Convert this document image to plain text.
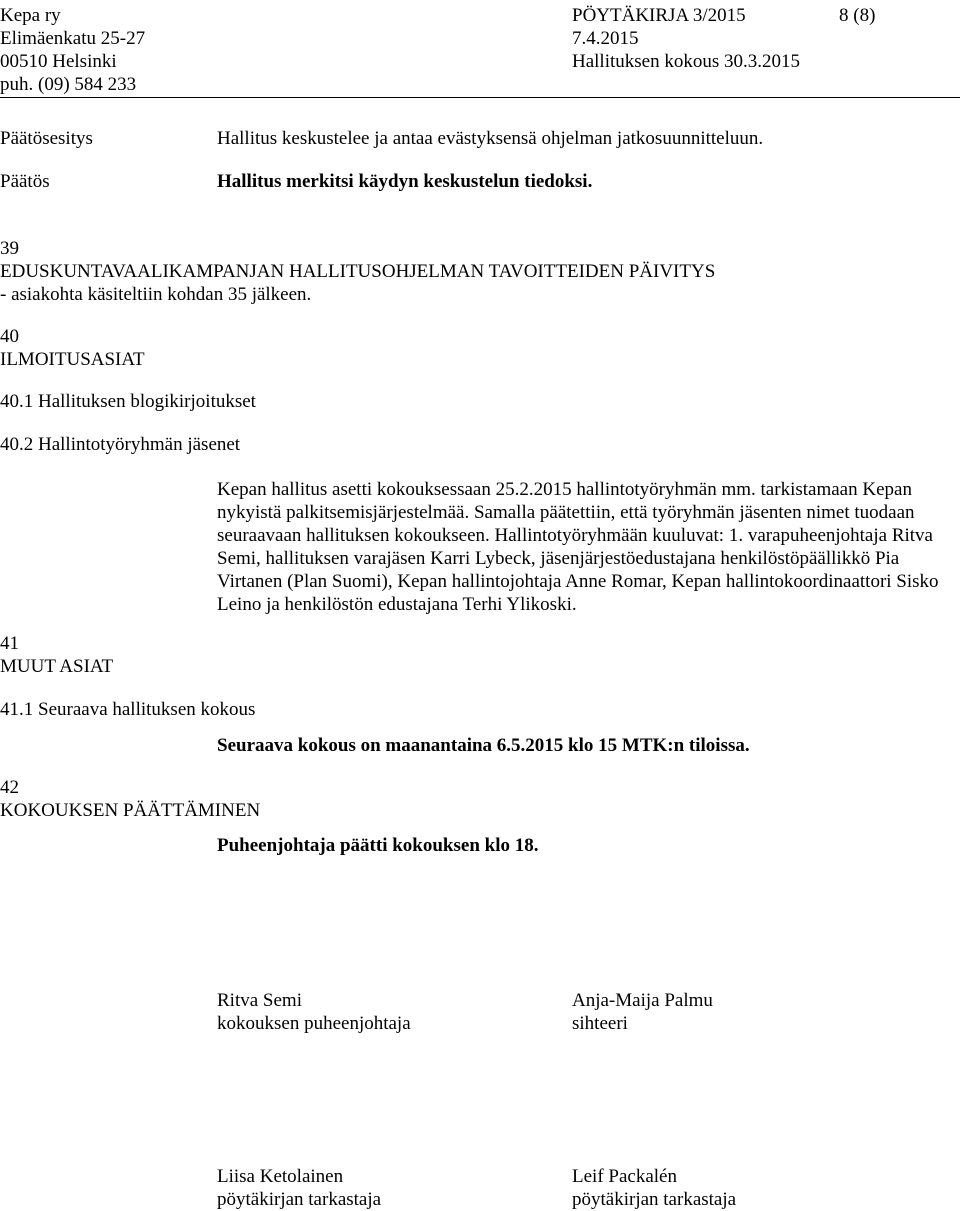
Kepa ry
Elimäenkatu 25-27
00510 Helsinki
puh. (09) 584 233
PÖYTÄKIRJA 3/2015
7.4.2015
Hallituksen kokous 30.3.2015
8 (8)
Päätösesitys	Hallitus keskustelee ja antaa evästyksensä ohjelman jatkosuunnitteluun.
Päätös	Hallitus merkitsi käydyn keskustelun tiedoksi.
39
EDUSKUNTAVAALIKAMPANJAN HALLITUSOHJELMAN TAVOITTEIDEN PÄIVITYS
- asiakohta käsiteltiin kohdan 35 jälkeen.
40
ILMOITUSASIAT
40.1 Hallituksen blogikirjoitukset
40.2 Hallintotyöryhmän jäsenet
Kepan hallitus asetti kokouksessaan 25.2.2015 hallintotyöryhmän mm. tarkistamaan Kepan nykyistä palkitsemisjärjestelmää. Samalla päätettiin, että työryhmän jäsenten nimet tuodaan seuraavaan hallituksen kokoukseen. Hallintotyöryhmään kuuluvat: 1. varapuheenjohtaja Ritva Semi, hallituksen varajäsen Karri Lybeck, jäsenjärjestöedustajana henkilöstöpäällikkö Pia Virtanen (Plan Suomi), Kepan hallintojohtaja Anne Romar, Kepan hallintokoordinaattori Sisko Leino ja henkilöstön edustajana Terhi Ylikoski.
41
MUUT ASIAT
41.1 Seuraava hallituksen kokous
Seuraava kokous on maanantaina 6.5.2015 klo 15 MTK:n tiloissa.
42
KOKOUKSEN PÄÄTTÄMINEN
Puheenjohtaja päätti kokouksen klo 18.
Ritva Semi
kokouksen puheenjohtaja
Anja-Maija Palmu
sihteeri
Liisa Ketolainen
pöytäkirjan tarkastaja
Leif Packalén
pöytäkirjan tarkastaja
